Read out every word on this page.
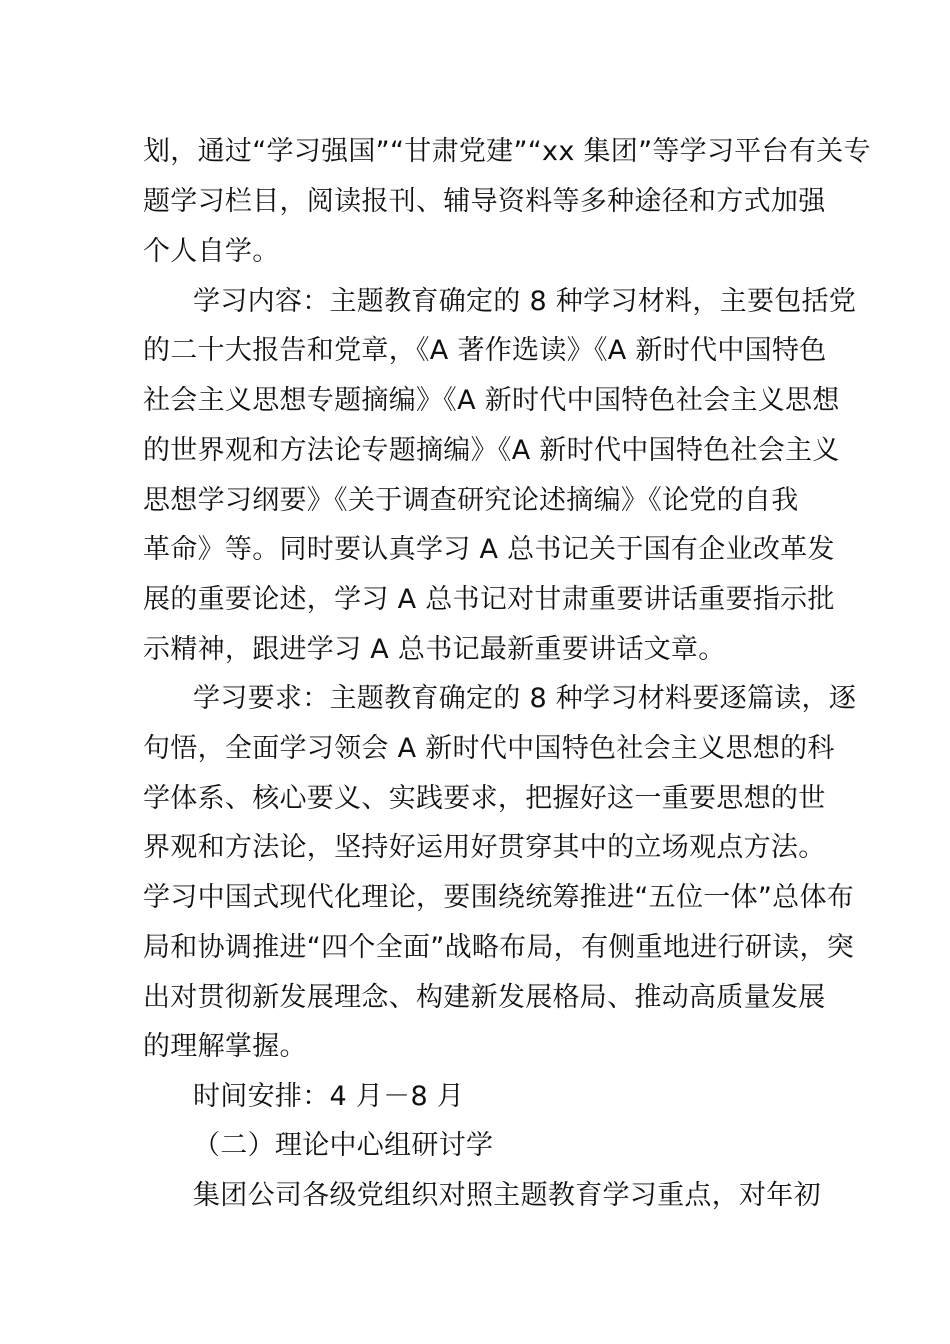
划，通过“学习强国”“甘肃党建”“xx 集团”等学习平台有关专
题学习栏目，阅读报刊、辅导资料等多种途径和方式加强
个人自学。
学习内容：主题教育确定的 8 种学习材料，主要包括党
的二十大报告和党章，《A 著作选读》《A 新时代中国特色
社会主义思想专题摘编》《A 新时代中国特色社会主义思想
的世界观和方法论专题摘编》《A 新时代中国特色社会主义
思想学习纲要》《关于调查研究论述摘编》《论党的自我
革命》等。同时要认真学习 A 总书记关于国有企业改革发
展的重要论述，学习 A 总书记对甘肃重要讲话重要指示批
示精神，跟进学习 A 总书记最新重要讲话文章。
学习要求：主题教育确定的 8 种学习材料要逐篇读，逐
句悟，全面学习领会 A 新时代中国特色社会主义思想的科
学体系、核心要义、实践要求，把握好这一重要思想的世
界观和方法论，坚持好运用好贯穿其中的立场观点方法。
学习中国式现代化理论，要围绕统筹推进“五位一体”总体布
局和协调推进“四个全面”战略布局，有侧重地进行研读，突
出对贯彻新发展理念、构建新发展格局、推动高质量发展
的理解掌握。
时间安排：4 月－8 月
（二）理论中心组研讨学
集团公司各级党组织对照主题教育学习重点，对年初
